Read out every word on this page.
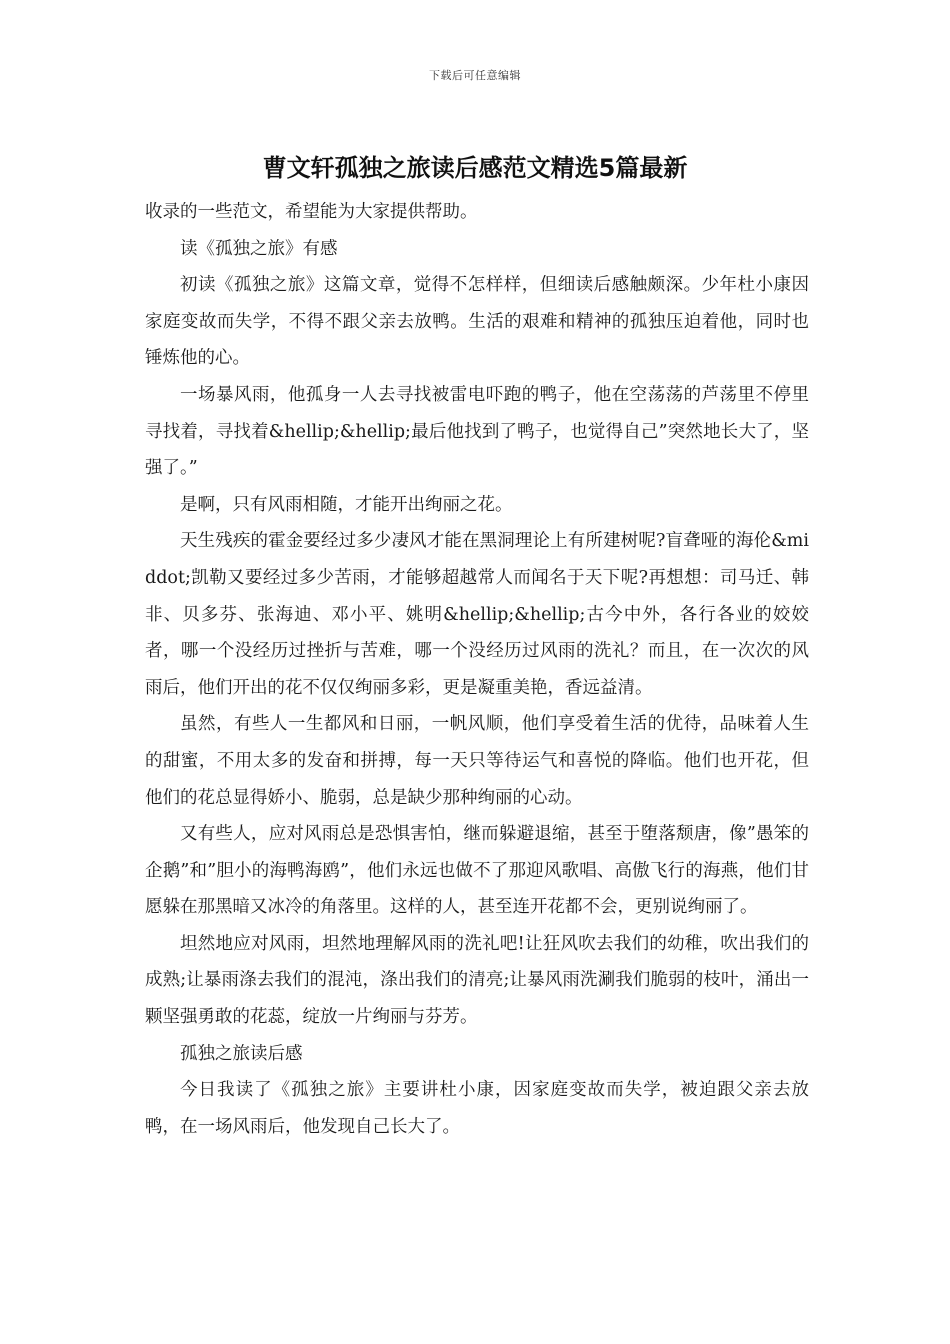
下载后可任意编辑
曹文轩孤独之旅读后感范文精选5篇最新

收录的一些范文，希望能为大家提供帮助。

读《孤独之旅》有感

初读《孤独之旅》这篇文章，觉得不怎样样，但细读后感触颇深。少年杜小康因家庭变故而失学，不得不跟父亲去放鸭。生活的艰难和精神的孤独压迫着他，同时也锤炼他的心。

一场暴风雨，他孤身一人去寻找被雷电吓跑的鸭子，他在空荡荡的芦荡里不停里寻找着，寻找着&hellip;&hellip;最后他找到了鸭子，也觉得自己”突然地长大了，坚强了。”

是啊，只有风雨相随，才能开出绚丽之花。

天生残疾的霍金要经过多少凄风才能在黑洞理论上有所建树呢?盲聋哑的海伦&middot;凯勒又要经过多少苦雨，才能够超越常人而闻名于天下呢?再想想：司马迁、韩非、贝多芬、张海迪、邓小平、姚明&hellip;&hellip;古今中外，各行各业的姣姣者，哪一个没经历过挫折与苦难，哪一个没经历过风雨的洗礼？而且，在一次次的风雨后，他们开出的花不仅仅绚丽多彩，更是凝重美艳，香远益清。

虽然，有些人一生都风和日丽，一帆风顺，他们享受着生活的优待，品味着人生的甜蜜，不用太多的发奋和拼搏，每一天只等待运气和喜悦的降临。他们也开花，但他们的花总显得娇小、脆弱，总是缺少那种绚丽的心动。

又有些人，应对风雨总是恐惧害怕，继而躲避退缩，甚至于堕落颓唐，像”愚笨的企鹅”和”胆小的海鸭海鸥”，他们永远也做不了那迎风歌唱、高傲飞行的海燕，他们甘愿躲在那黑暗又冰冷的角落里。这样的人，甚至连开花都不会，更别说绚丽了。

坦然地应对风雨，坦然地理解风雨的洗礼吧!让狂风吹去我们的幼稚，吹出我们的成熟;让暴雨涤去我们的混沌，涤出我们的清亮;让暴风雨洗涮我们脆弱的枝叶，涌出一颗坚强勇敢的花蕊，绽放一片绚丽与芬芳。

孤独之旅读后感

今日我读了《孤独之旅》主要讲杜小康，因家庭变故而失学，被迫跟父亲去放鸭，在一场风雨后，他发现自己长大了。
